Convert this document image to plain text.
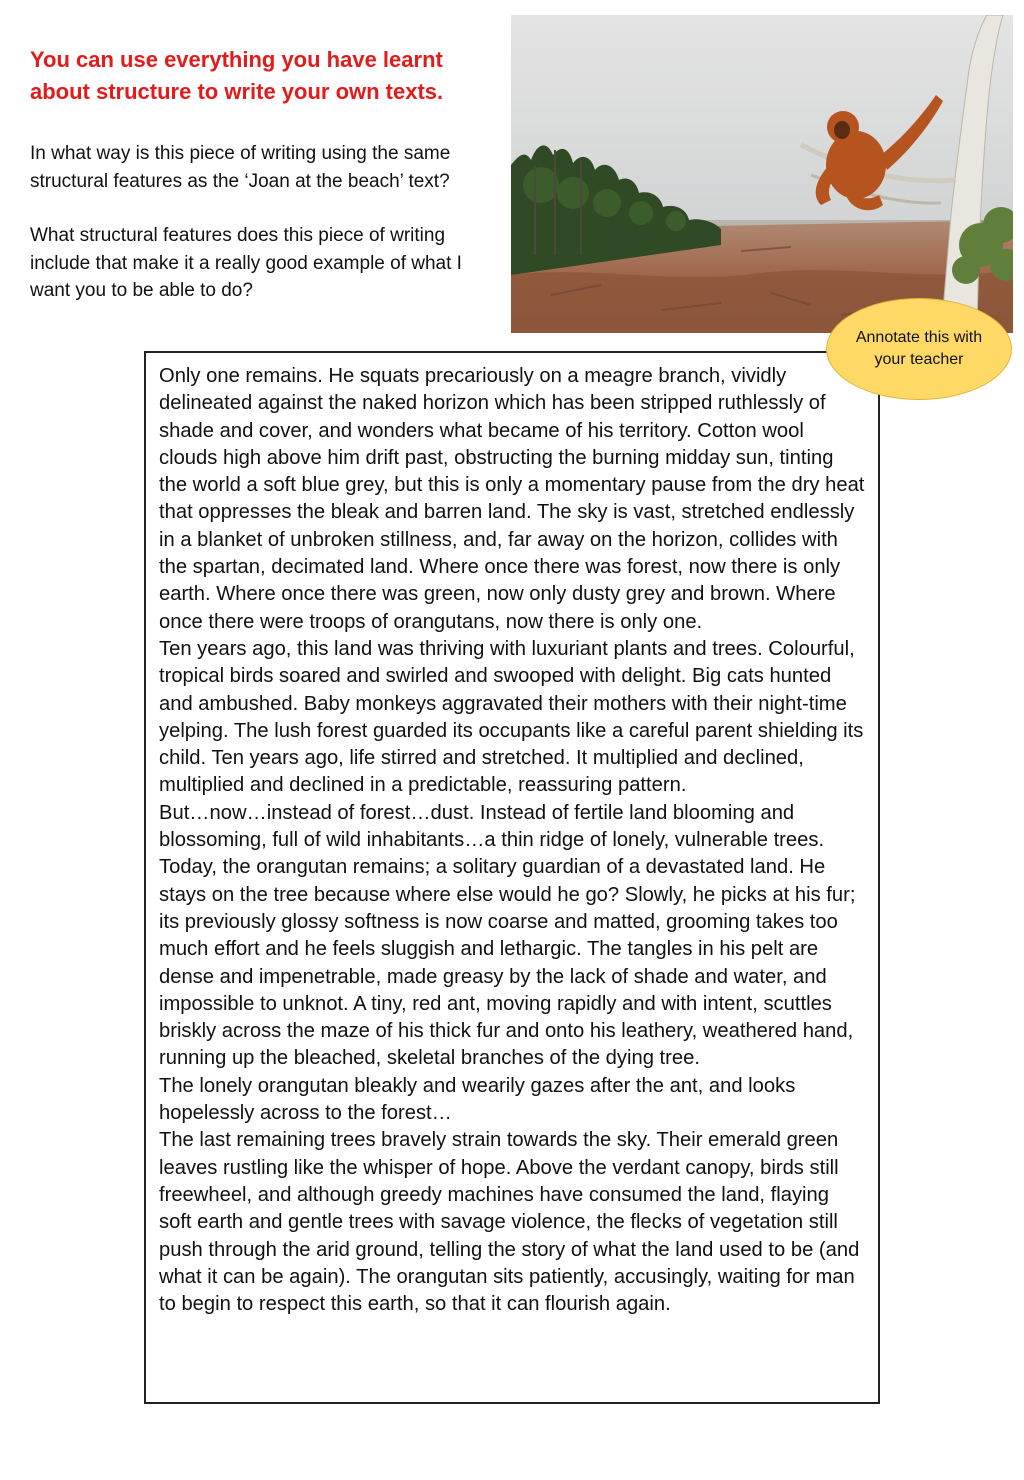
You can use everything you have learnt about structure to write your own texts.
In what way is this piece of writing using the same structural features as the ‘Joan at the beach’ text?
What structural features does this piece of writing include that make it a really good example of what I want you to be able to do?
Annotate this with your teacher

Only one remains. He squats precariously on a meagre branch, vividly delineated against the naked horizon which has been stripped ruthlessly of shade and cover, and wonders what became of his territory. Cotton wool clouds high above him drift past, obstructing the burning midday sun, tinting the world a soft blue grey, but this is only a momentary pause from the dry heat that oppresses the bleak and barren land. The sky is vast, stretched endlessly in a blanket of unbroken stillness, and, far away on the horizon, collides with the spartan, decimated land. Where once there was forest, now there is only earth. Where once there was green, now only dusty grey and brown. Where once there were troops of orangutans, now there is only one.

Ten years ago, this land was thriving with luxuriant plants and trees. Colourful, tropical birds soared and swirled and swooped with delight. Big cats hunted and ambushed. Baby monkeys aggravated their mothers with their night-time yelping. The lush forest guarded its occupants like a careful parent shielding its child. Ten years ago, life stirred and stretched. It multiplied and declined, multiplied and declined in a predictable, reassuring pattern.

But…now…instead of forest…dust. Instead of fertile land blooming and blossoming, full of wild inhabitants…a thin ridge of lonely, vulnerable trees. Today, the orangutan remains; a solitary guardian of a devastated land. He stays on the tree because where else would he go? Slowly, he picks at his fur; its previously glossy softness is now coarse and matted, grooming takes too much effort and he feels sluggish and lethargic. The tangles in his pelt are dense and impenetrable, made greasy by the lack of shade and water, and impossible to unknot. A tiny, red ant, moving rapidly and with intent, scuttles briskly across the maze of his thick fur and onto his leathery, weathered hand, running up the bleached, skeletal branches of the dying tree.

The lonely orangutan bleakly and wearily gazes after the ant, and looks hopelessly across to the forest…

The last remaining trees bravely strain towards the sky. Their emerald green leaves rustling like the whisper of hope. Above the verdant canopy, birds still freewheel, and although greedy machines have consumed the land, flaying soft earth and gentle trees with savage violence, the flecks of vegetation still push through the arid ground, telling the story of what the land used to be (and what it can be again). The orangutan sits patiently, accusingly, waiting for man to begin to respect this earth, so that it can flourish again.
